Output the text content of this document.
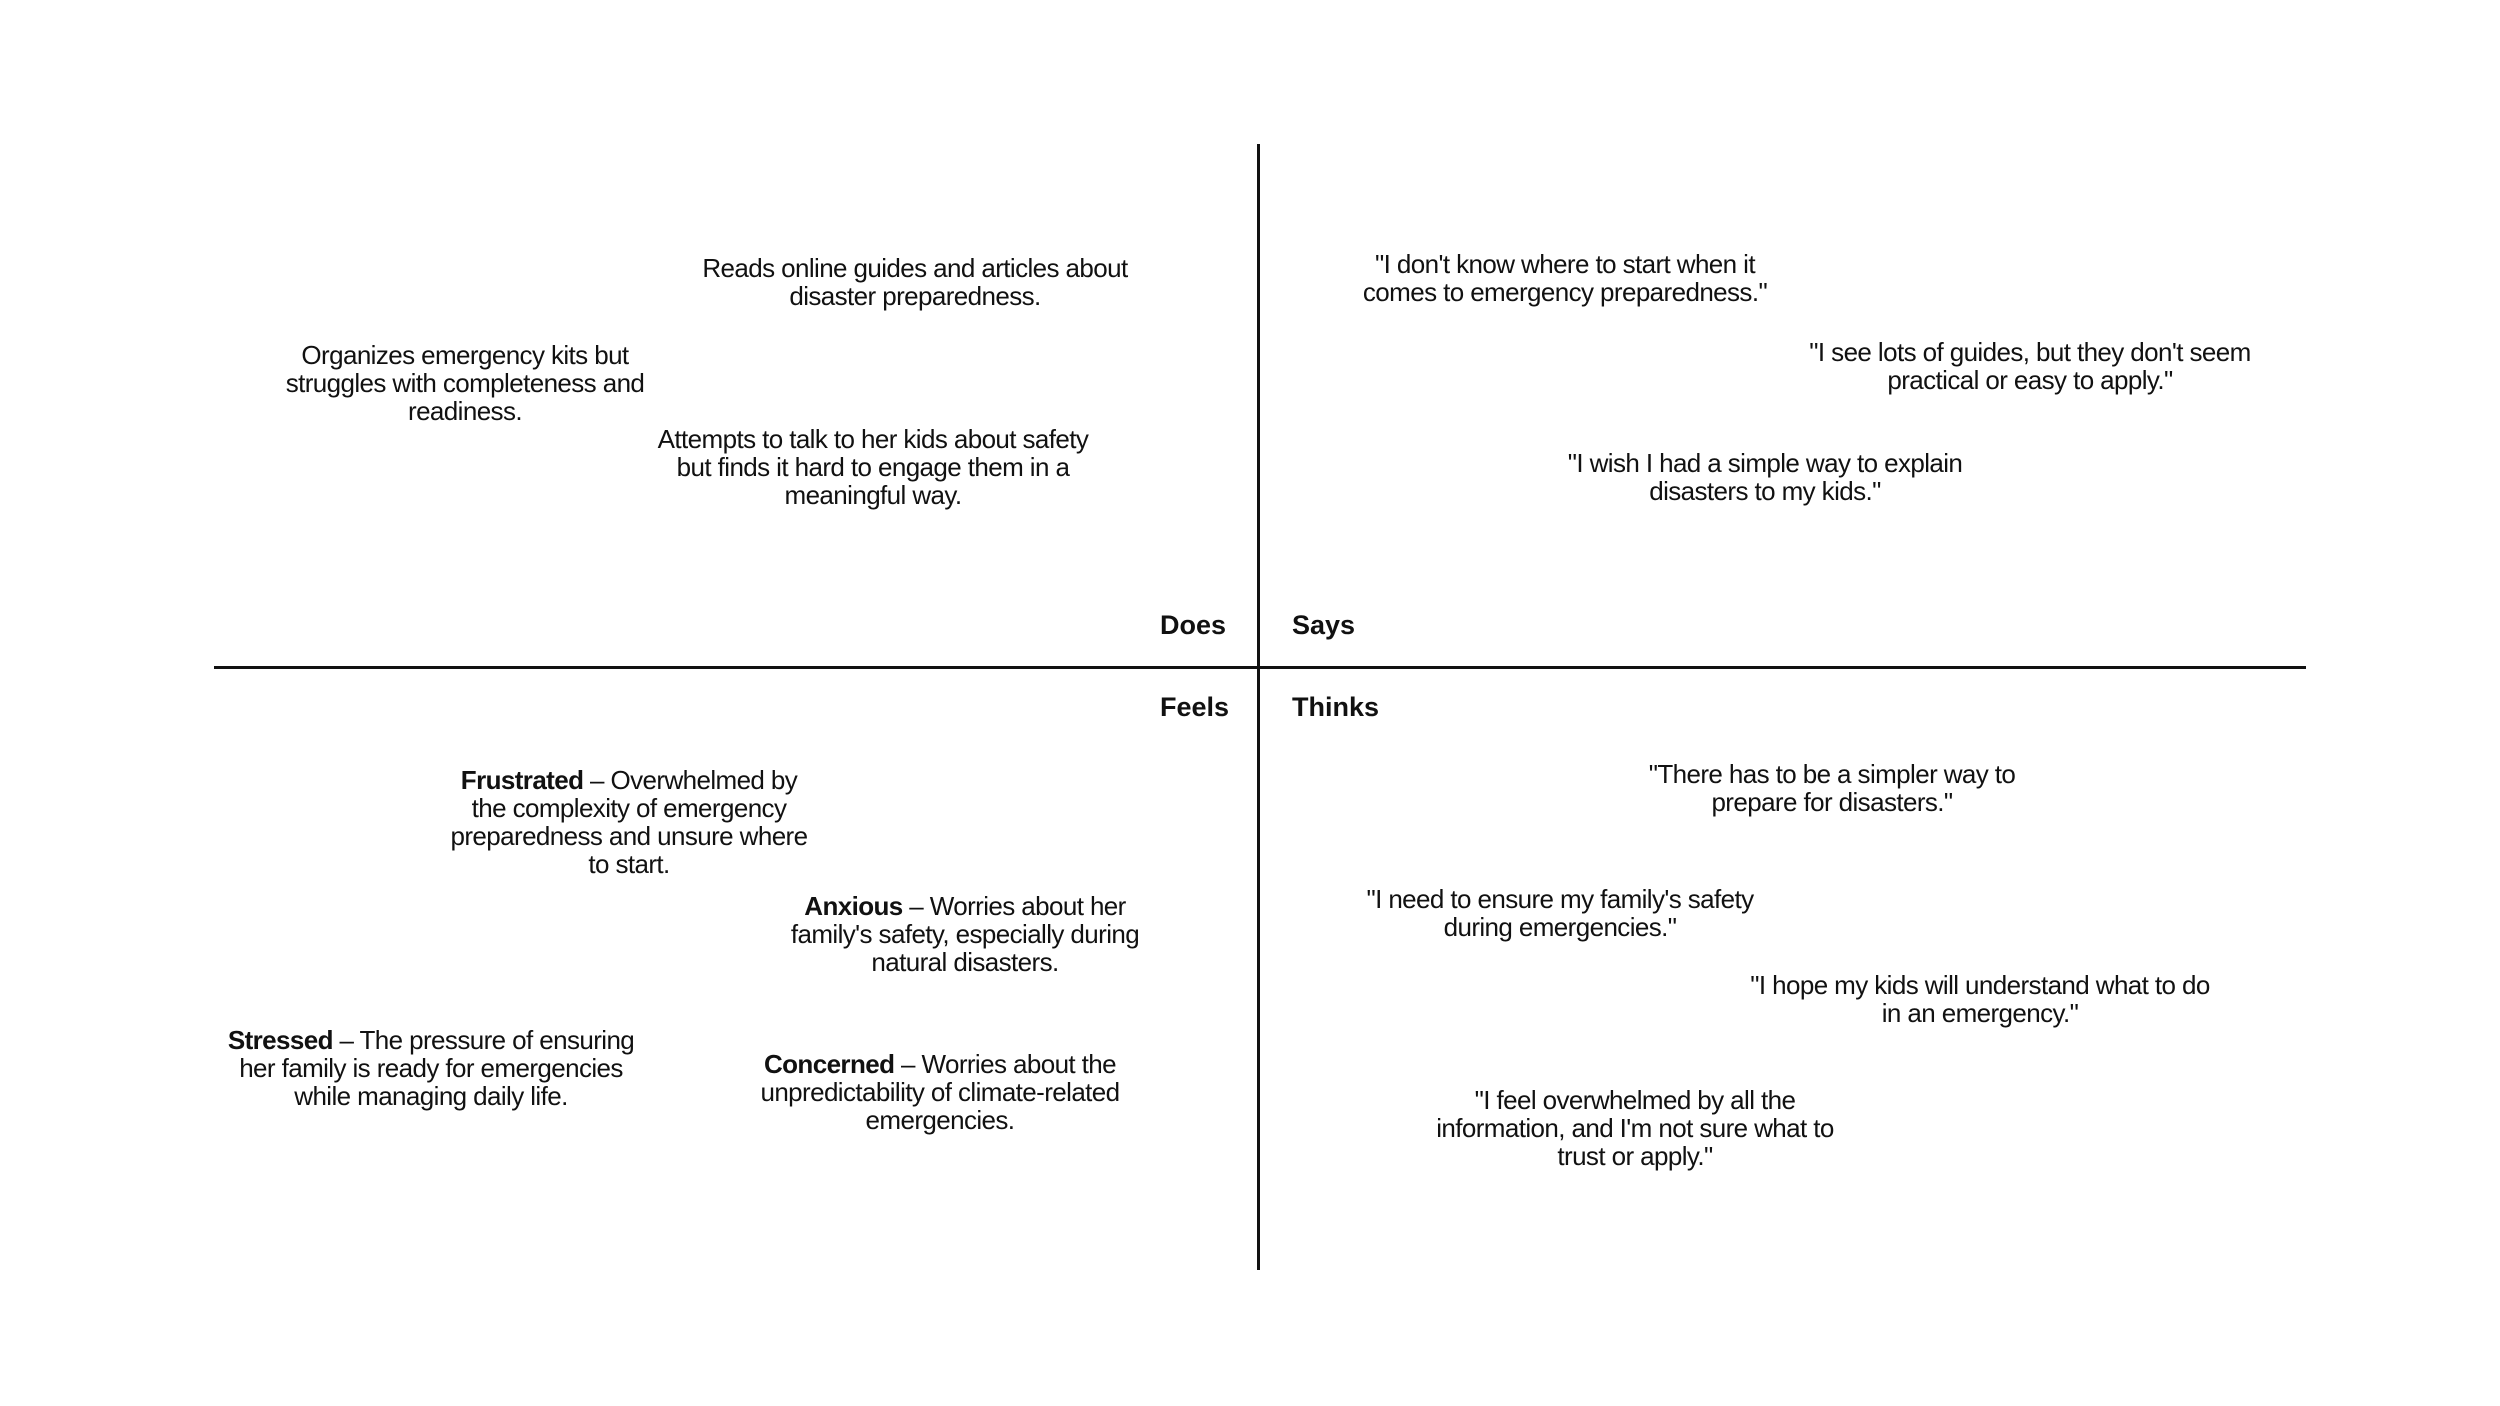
Does Says
Feels Thinks
Reads online guides and articles about disaster preparedness.
Organizes emergency kits but struggles with completeness and readiness.
Attempts to talk to her kids about safety but finds it hard to engage them in a meaningful way.
"I don't know where to start when it comes to emergency preparedness."
"I see lots of guides, but they don't seem practical or easy to apply."
"I wish I had a simple way to explain disasters to my kids."
Frustrated – Overwhelmed by the complexity of emergency preparedness and unsure where to start.
Anxious – Worries about her family's safety, especially during natural disasters.
Stressed – The pressure of ensuring her family is ready for emergencies while managing daily life.
Concerned – Worries about the unpredictability of climate-related emergencies.
"There has to be a simpler way to prepare for disasters."
"I need to ensure my family's safety during emergencies."
"I hope my kids will understand what to do in an emergency."
"I feel overwhelmed by all the information, and I'm not sure what to trust or apply."
